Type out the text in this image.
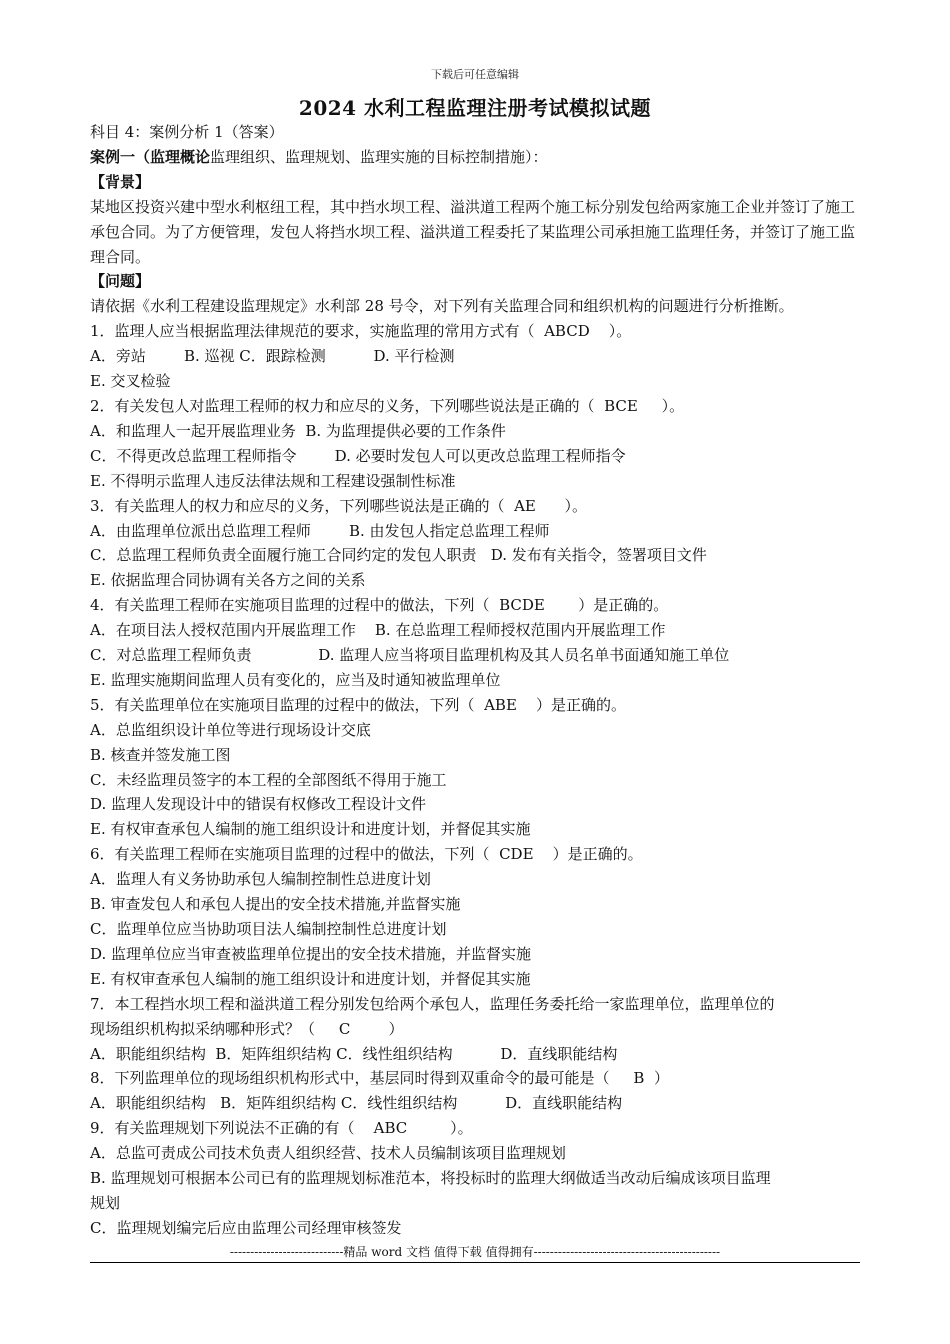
下载后可任意编辑
2024 水利工程监理注册考试模拟试题
科目 4：案例分析 1（答案）
案例一（监理概论监理组织、监理规划、监理实施的目标控制措施）：
【背景】
某地区投资兴建中型水利枢纽工程，其中挡水坝工程、溢洪道工程两个施工标分别发包给两家施工企业并签订了施工承包合同。为了方便管理，发包人将挡水坝工程、溢洪道工程委托了某监理公司承担施工监理任务，并签订了施工监理合同。
【问题】
请依据《水利工程建设监理规定》水利部 28 号令，对下列有关监理合同和组织机构的问题进行分析推断。
1．监理人应当根据监理法律规范的要求，实施监理的常用方式有（  ABCD    ）。
A．旁站        B. 巡视 C．跟踪检测          D. 平行检测
E. 交叉检验
2．有关发包人对监理工程师的权力和应尽的义务，下列哪些说法是正确的（  BCE     ）。
A．和监理人一起开展监理业务  B. 为监理提供必要的工作条件
C．不得更改总监理工程师指令        D. 必要时发包人可以更改总监理工程师指令
E. 不得明示监理人违反法律法规和工程建设强制性标准
3．有关监理人的权力和应尽的义务，下列哪些说法是正确的（  AE      ）。
A．由监理单位派出总监理工程师        B. 由发包人指定总监理工程师
C．总监理工程师负责全面履行施工合同约定的发包人职责   D. 发布有关指令，签署项目文件
E. 依据监理合同协调有关各方之间的关系
4．有关监理工程师在实施项目监理的过程中的做法，下列（  BCDE       ）是正确的。
A．在项目法人授权范围内开展监理工作    B. 在总监理工程师授权范围内开展监理工作
C．对总监理工程师负责              D. 监理人应当将项目监理机构及其人员名单书面通知施工单位
E. 监理实施期间监理人员有变化的，应当及时通知被监理单位
5．有关监理单位在实施项目监理的过程中的做法，下列（  ABE    ）是正确的。
A．总监组织设计单位等进行现场设计交底
B. 核查并签发施工图
C．未经监理员签字的本工程的全部图纸不得用于施工
D. 监理人发现设计中的错误有权修改工程设计文件
E. 有权审查承包人编制的施工组织设计和进度计划，并督促其实施
6．有关监理工程师在实施项目监理的过程中的做法，下列（  CDE    ）是正确的。
A．监理人有义务协助承包人编制控制性总进度计划
B. 审查发包人和承包人提出的安全技术措施,并监督实施
C．监理单位应当协助项目法人编制控制性总进度计划
D. 监理单位应当审查被监理单位提出的安全技术措施，并监督实施
E. 有权审查承包人编制的施工组织设计和进度计划，并督促其实施
7．本工程挡水坝工程和溢洪道工程分别发包给两个承包人，监理任务委托给一家监理单位，监理单位的
现场组织机构拟采纳哪种形式？（     C        ）
A．职能组织结构  B．矩阵组织结构 C．线性组织结构          D．直线职能结构
8．下列监理单位的现场组织机构形式中，基层同时得到双重命令的最可能是（     B  ）
A．职能组织结构   B．矩阵组织结构 C．线性组织结构          D．直线职能结构
9．有关监理规划下列说法不正确的有（    ABC         ）。
A．总监可责成公司技术负责人组织经营、技术人员编制该项目监理规划
B. 监理规划可根据本公司已有的监理规划标准范本，将投标时的监理大纲做适当改动后编成该项目监理
规划
C．监理规划编完后应由监理公司经理审核签发
----------------------------精品 word 文档 值得下载 值得拥有----------------------------------------------
